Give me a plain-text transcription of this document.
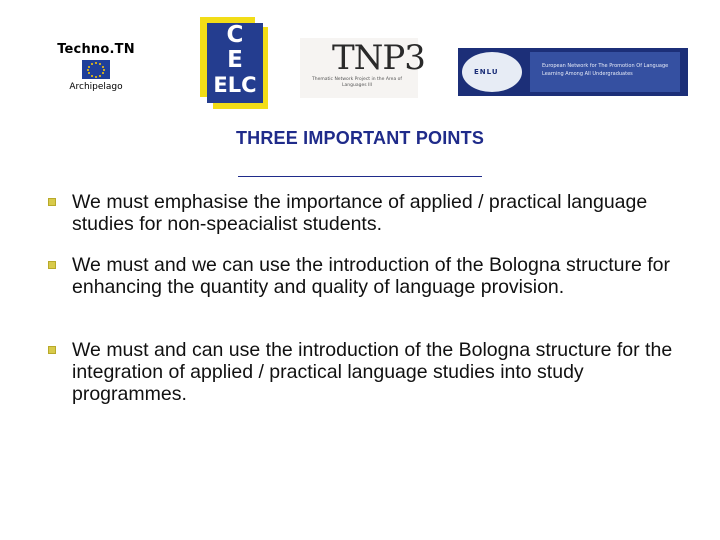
Techno.TN
Archipelago
C
E
ELC
TNP3
Thematic Network Project in the Area of Languages III
ENLU
European Network for The Promotion Of Language Learning Among All Undergraduates
THREE IMPORTANT POINTS
We must emphasise the importance of applied / practical language studies for non-speacialist students.
We must and we can use the introduction of the Bologna structure for enhancing the quantity and quality of language provision.
We must and can use the introduction of the Bologna structure for the integration of applied / practical language studies into study programmes.
